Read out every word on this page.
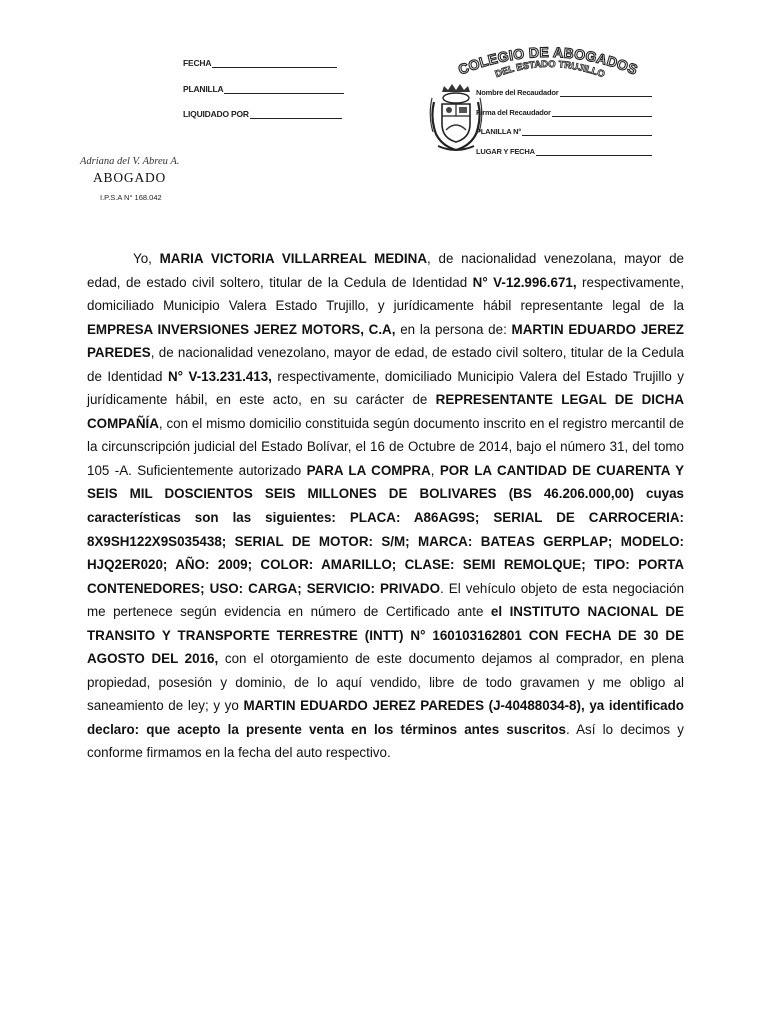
FECHA
PLANILLA
LIQUIDADO POR
COLEGIO DE ABOGADOS
DEL ESTADO TRUJILLO
Nombre del Recaudador
Firma del Recaudador
PLANILLA N°
LUGAR Y FECHA
Adriana del V. Abreu A.
ABOGADO
I.P.S.A N° 168.042

Yo, MARIA VICTORIA VILLARREAL MEDINA, de nacionalidad venezolana, mayor de edad, de estado civil soltero, titular de la Cedula de Identidad N° V-12.996.671, respectivamente, domiciliado Municipio Valera Estado Trujillo, y jurídicamente hábil representante legal de la EMPRESA INVERSIONES JEREZ MOTORS, C.A, en la persona de: MARTIN EDUARDO JEREZ PAREDES, de nacionalidad venezolano, mayor de edad, de estado civil soltero, titular de la Cedula de Identidad N° V-13.231.413, respectivamente, domiciliado Municipio Valera del Estado Trujillo y jurídicamente hábil, en este acto, en su carácter de REPRESENTANTE LEGAL DE DICHA COMPAÑÍA, con el mismo domicilio constituida según documento inscrito en el registro mercantil de la circunscripción judicial del Estado Bolívar, el 16 de Octubre de 2014, bajo el número 31, del tomo 105 -A. Suficientemente autorizado PARA LA COMPRA, POR LA CANTIDAD DE CUARENTA Y SEIS MIL DOSCIENTOS SEIS MILLONES DE BOLIVARES (BS 46.206.000,00) cuyas características son las siguientes: PLACA: A86AG9S; SERIAL DE CARROCERIA: 8X9SH122X9S035438; SERIAL DE MOTOR: S/M; MARCA: BATEAS GERPLAP; MODELO: HJQ2ER020; AÑO: 2009; COLOR: AMARILLO; CLASE: SEMI REMOLQUE; TIPO: PORTA CONTENEDORES; USO: CARGA; SERVICIO: PRIVADO. El vehículo objeto de esta negociación me pertenece según evidencia en número de Certificado ante el INSTITUTO NACIONAL DE TRANSITO Y TRANSPORTE TERRESTRE (INTT) N° 160103162801 CON FECHA DE 30 DE AGOSTO DEL 2016, con el otorgamiento de este documento dejamos al comprador, en plena propiedad, posesión y dominio, de lo aquí vendido, libre de todo gravamen y me obligo al saneamiento de ley; y yo MARTIN EDUARDO JEREZ PAREDES (J-40488034-8), ya identificado declaro: que acepto la presente venta en los términos antes suscritos. Así lo decimos y conforme firmamos en la fecha del auto respectivo.
